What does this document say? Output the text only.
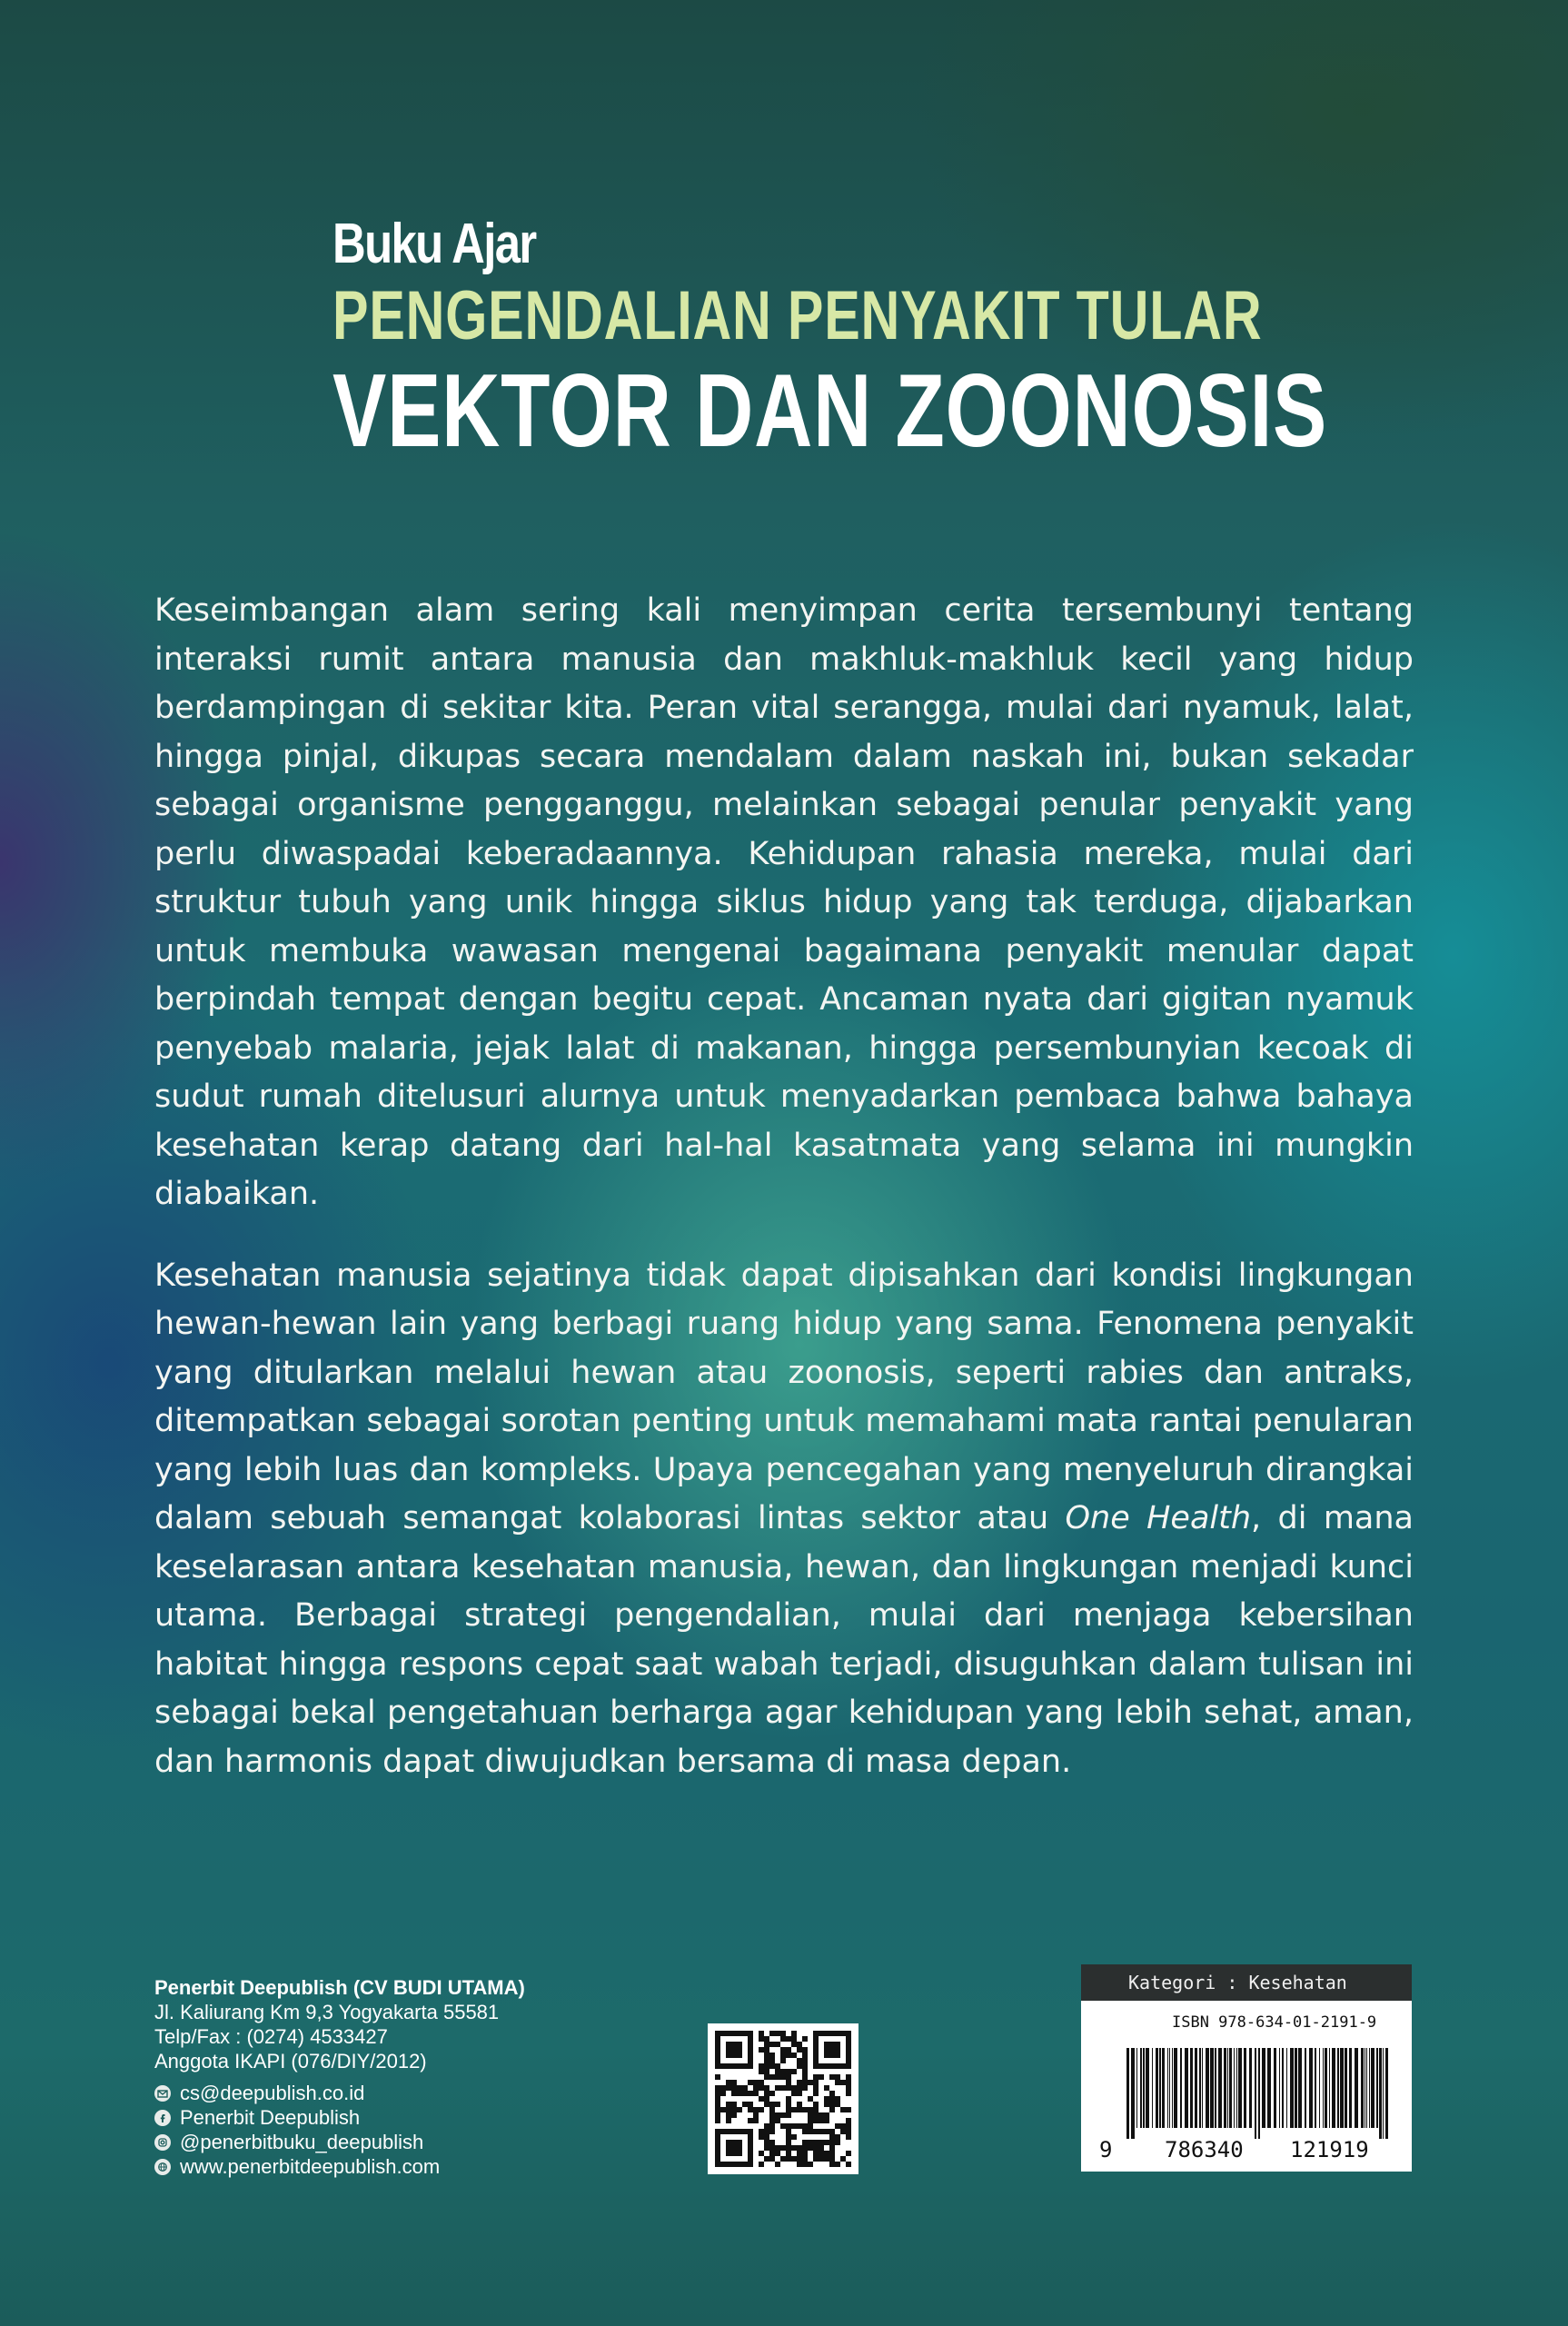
Buku Ajar
PENGENDALIAN PENYAKIT TULAR
VEKTOR DAN ZOONOSIS

Keseimbangan alam sering kali menyimpan cerita tersembunyi tentang interaksi rumit antara manusia dan makhluk-makhluk kecil yang hidup berdampingan di sekitar kita. Peran vital serangga, mulai dari nyamuk, lalat, hingga pinjal, dikupas secara mendalam dalam naskah ini, bukan sekadar sebagai organisme pengganggu, melainkan sebagai penular penyakit yang perlu diwaspadai keberadaannya. Kehidupan rahasia mereka, mulai dari struktur tubuh yang unik hingga siklus hidup yang tak terduga, dijabarkan untuk membuka wawasan mengenai bagaimana penyakit menular dapat berpindah tempat dengan begitu cepat. Ancaman nyata dari gigitan nyamuk penyebab malaria, jejak lalat di makanan, hingga persembunyian kecoak di sudut rumah ditelusuri alurnya untuk menyadarkan pembaca bahwa bahaya kesehatan kerap datang dari hal-hal kasatmata yang selama ini mungkin diabaikan.

Kesehatan manusia sejatinya tidak dapat dipisahkan dari kondisi lingkungan hewan-hewan lain yang berbagi ruang hidup yang sama. Fenomena penyakit yang ditularkan melalui hewan atau zoonosis, seperti rabies dan antraks, ditempatkan sebagai sorotan penting untuk memahami mata rantai penularan yang lebih luas dan kompleks. Upaya pencegahan yang menyeluruh dirangkai dalam sebuah semangat kolaborasi lintas sektor atau One Health, di mana keselarasan antara kesehatan manusia, hewan, dan lingkungan menjadi kunci utama. Berbagai strategi pengendalian, mulai dari menjaga kebersihan habitat hingga respons cepat saat wabah terjadi, disuguhkan dalam tulisan ini sebagai bekal pengetahuan berharga agar kehidupan yang lebih sehat, aman, dan harmonis dapat diwujudkan bersama di masa depan.

Penerbit Deepublish (CV BUDI UTAMA)
Jl. Kaliurang Km 9,3 Yogyakarta 55581
Telp/Fax : (0274) 4533427
Anggota IKAPI (076/DIY/2012)
cs@deepublish.co.id
Penerbit Deepublish
@penerbitbuku_deepublish
www.penerbitdeepublish.com
Kategori : Kesehatan
ISBN 978-634-01-2191-9
9 786340 121919
